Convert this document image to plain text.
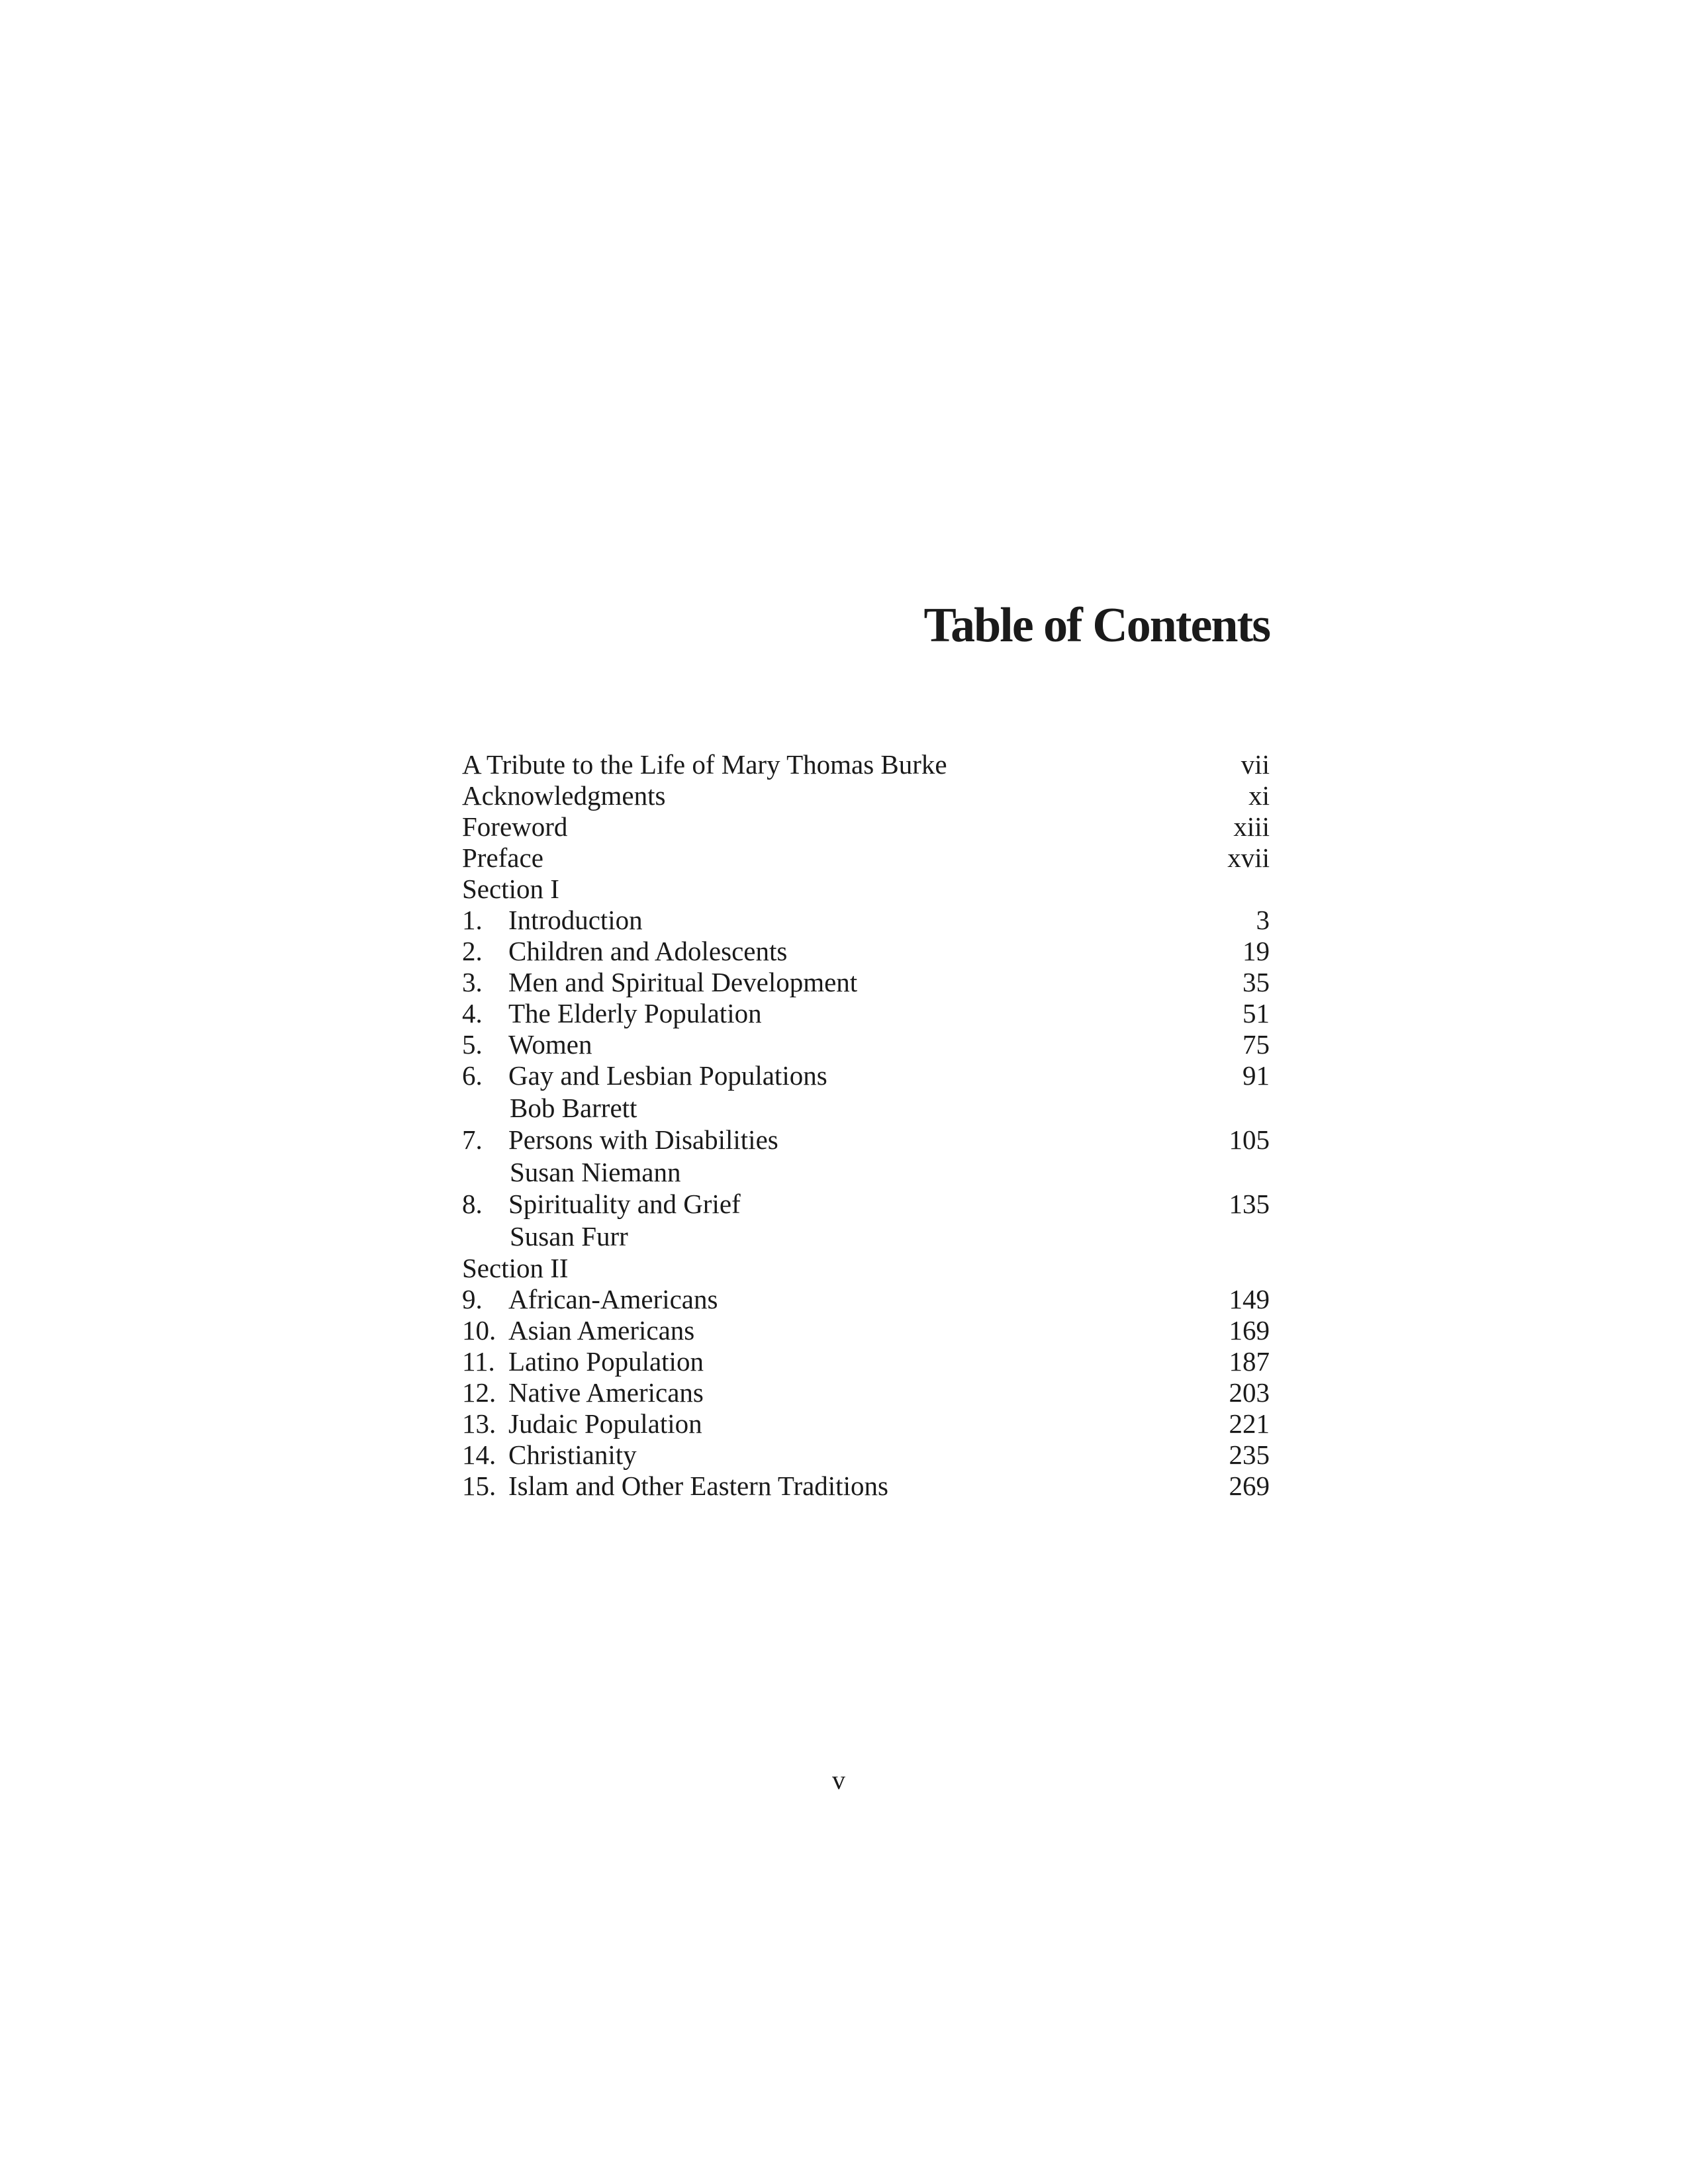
Table of Contents
A Tribute to the Life of Mary Thomas Burke	vii
Acknowledgments	xi
Foreword	xiii
Preface	xvii
Section I
1. Introduction	3
2. Children and Adolescents	19
3. Men and Spiritual Development	35
4. The Elderly Population	51
5. Women	75
6. Gay and Lesbian Populations	91
Bob Barrett
7. Persons with Disabilities	105
Susan Niemann
8. Spirituality and Grief	135
Susan Furr
Section II
9. African-Americans	149
10. Asian Americans	169
11. Latino Population	187
12. Native Americans	203
13. Judaic Population	221
14. Christianity	235
15. Islam and Other Eastern Traditions	269
v
